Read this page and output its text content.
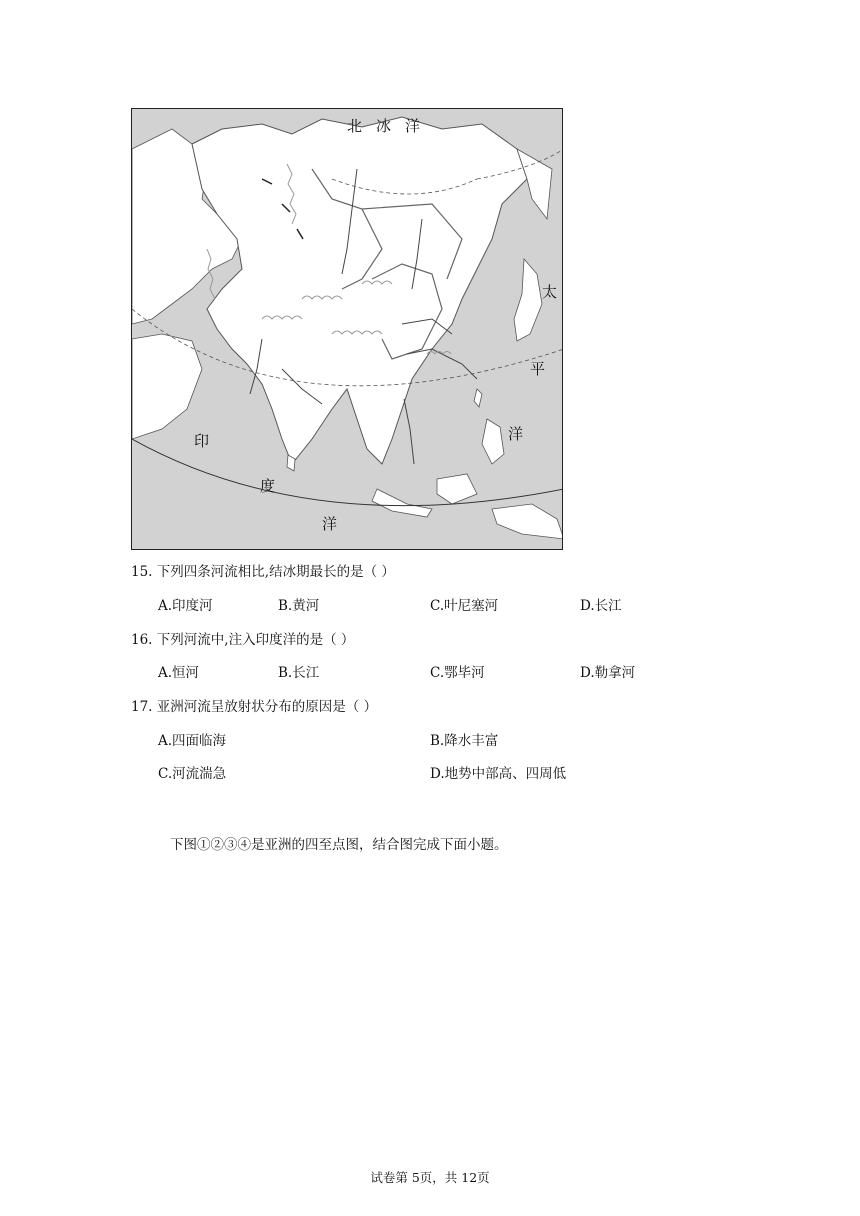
北冰洋
太
平
洋
印
度
洋
15. 下列四条河流相比,结冰期最长的是（ ）
A.印度河	B.黄河	C.叶尼塞河	D.长江
16. 下列河流中,注入印度洋的是（ ）
A.恒河	B.长江	C.鄂毕河	D.勒拿河
17. 亚洲河流呈放射状分布的原因是（ ）
A.四面临海	B.降水丰富
C.河流湍急	D.地势中部高、四周低
下图①②③④是亚洲的四至点图，结合图完成下面小题。
试卷第 5页，共 12页
